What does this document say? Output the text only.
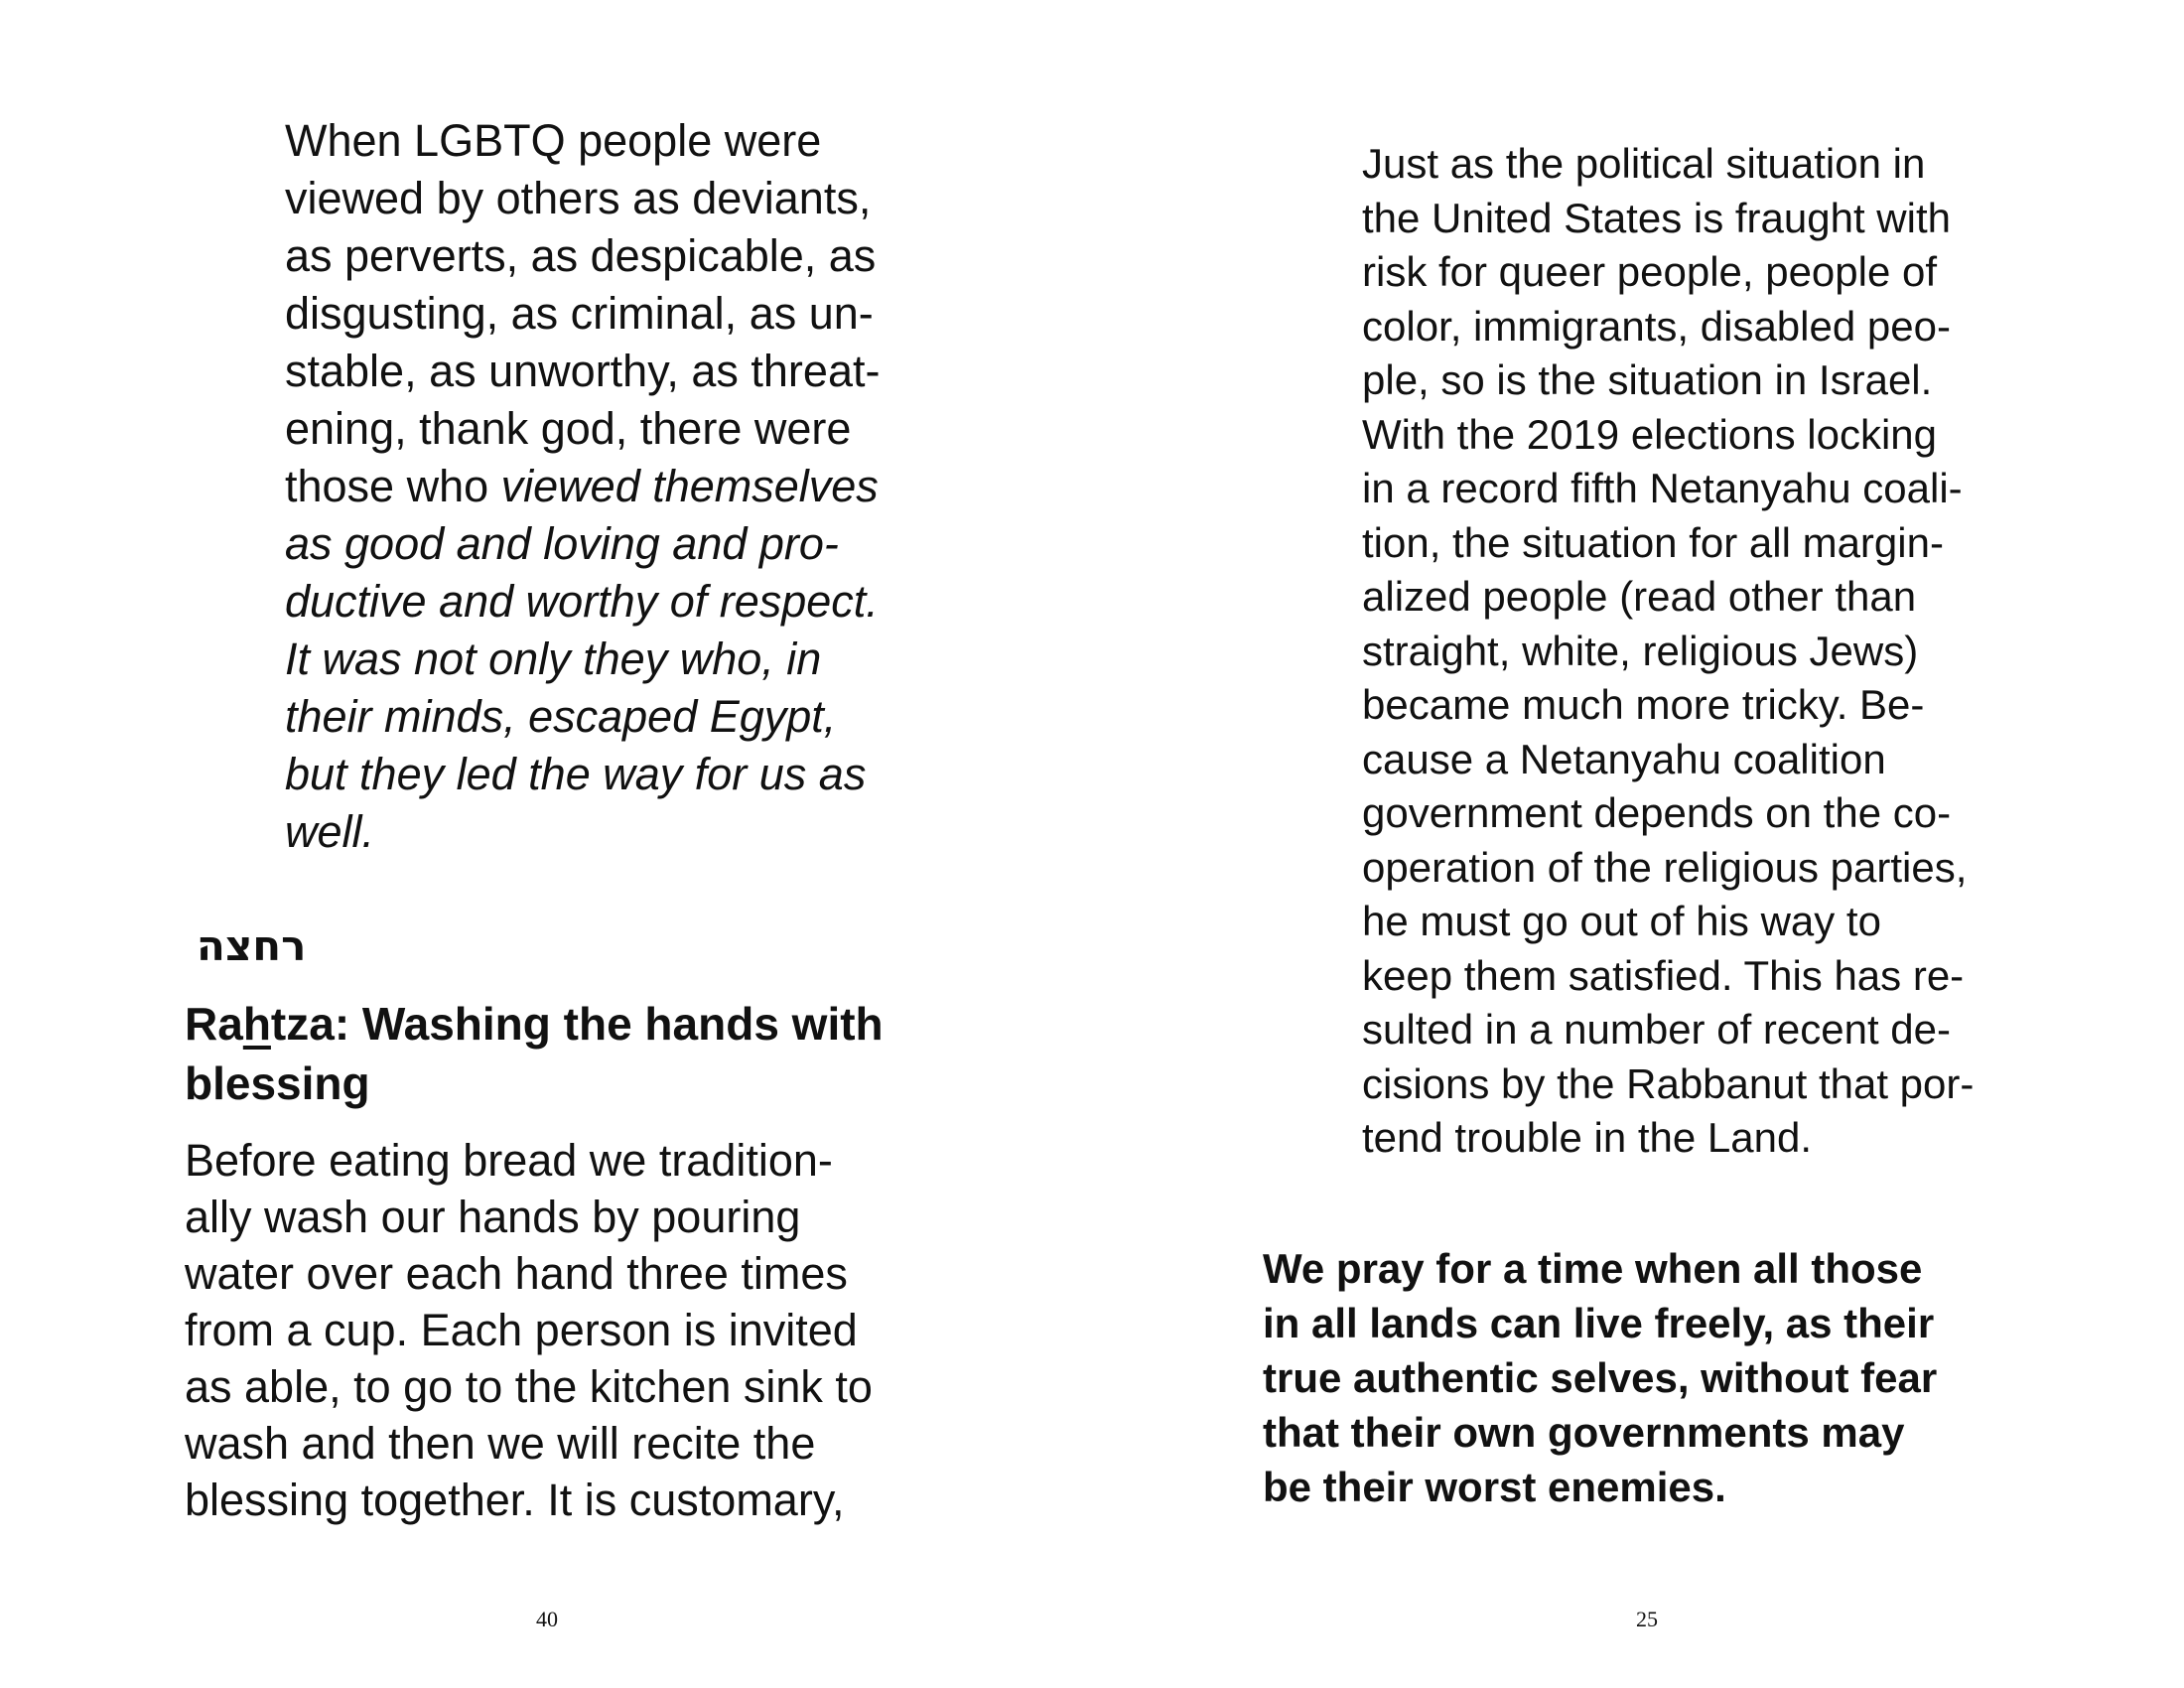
When LGBTQ people were
viewed by others as deviants,
as perverts, as despicable, as
disgusting, as criminal, as un-
stable, as unworthy, as threat-
ening, thank god, there were
those who viewed themselves
as good and loving and pro-
ductive and worthy of respect.
It was not only they who, in
their minds, escaped Egypt,
but they led the way for us as
well.

רחצה

Rahtza: Washing the hands with
blessing

Before eating bread we tradition-
ally wash our hands by pouring
water over each hand three times
from a cup. Each person is invited
as able, to go to the kitchen sink to
wash and then we will recite the
blessing together. It is customary,

40

Just as the political situation in
the United States is fraught with
risk for queer people, people of
color, immigrants, disabled peo-
ple, so is the situation in Israel.
With the 2019 elections locking
in a record fifth Netanyahu coali-
tion, the situation for all margin-
alized people (read other than
straight, white, religious Jews)
became much more tricky. Be-
cause a Netanyahu coalition
government depends on the co-
operation of the religious parties,
he must go out of his way to
keep them satisfied. This has re-
sulted in a number of recent de-
cisions by the Rabbanut that por-
tend trouble in the Land.

We pray for a time when all those
in all lands can live freely, as their
true authentic selves, without fear
that their own governments may
be their worst enemies.

25
